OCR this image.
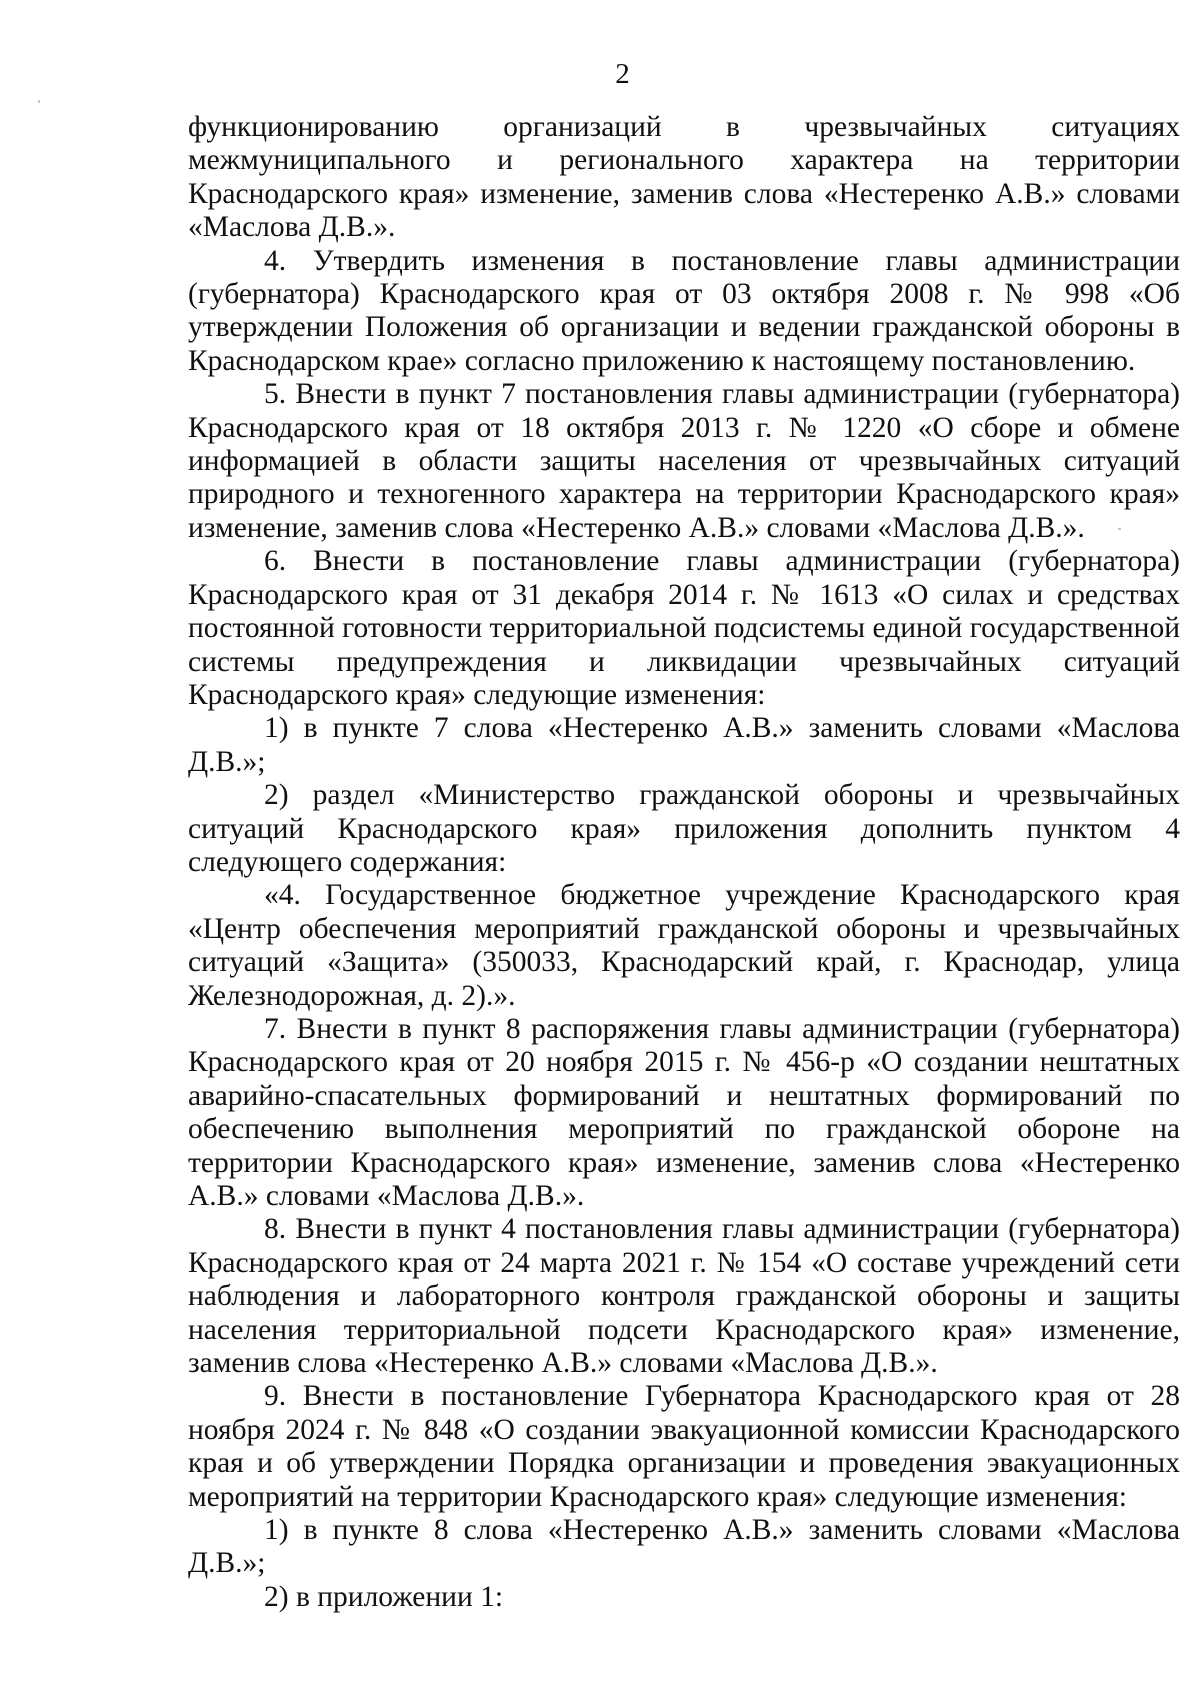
2

функционированию организаций в чрезвычайных ситуациях межмуниципального и регионального характера на территории Краснодарского края» изменение, заменив слова «Нестеренко А.В.» словами «Маслова Д.В.».

4. Утвердить изменения в постановление главы администрации (губернатора) Краснодарского края от 03 октября 2008 г. № 998 «Об утверждении Положения об организации и ведении гражданской обороны в Краснодарском крае» согласно приложению к настоящему постановлению.

5. Внести в пункт 7 постановления главы администрации (губернатора) Краснодарского края от 18 октября 2013 г. № 1220 «О сборе и обмене информацией в области защиты населения от чрезвычайных ситуаций природного и техногенного характера на территории Краснодарского края» изменение, заменив слова «Нестеренко А.В.» словами «Маслова Д.В.».

6. Внести в постановление главы администрации (губернатора) Краснодарского края от 31 декабря 2014 г. № 1613 «О силах и средствах постоянной готовности территориальной подсистемы единой государственной системы предупреждения и ликвидации чрезвычайных ситуаций Краснодарского края» следующие изменения:

1) в пункте 7 слова «Нестеренко А.В.» заменить словами «Маслова Д.В.»;

2) раздел «Министерство гражданской обороны и чрезвычайных ситуаций Краснодарского края» приложения дополнить пунктом 4 следующего содержания:

«4. Государственное бюджетное учреждение Краснодарского края «Центр обеспечения мероприятий гражданской обороны и чрезвычайных ситуаций «Защита» (350033, Краснодарский край, г. Краснодар, улица Железнодорожная, д. 2).».

7. Внести в пункт 8 распоряжения главы администрации (губернатора) Краснодарского края от 20 ноября 2015 г. № 456-р «О создании нештатных аварийно-спасательных формирований и нештатных формирований по обеспечению выполнения мероприятий по гражданской обороне на территории Краснодарского края» изменение, заменив слова «Нестеренко А.В.» словами «Маслова Д.В.».

8. Внести в пункт 4 постановления главы администрации (губернатора) Краснодарского края от 24 марта 2021 г. № 154 «О составе учреждений сети наблюдения и лабораторного контроля гражданской обороны и защиты населения территориальной подсети Краснодарского края» изменение, заменив слова «Нестеренко А.В.» словами «Маслова Д.В.».

9. Внести в постановление Губернатора Краснодарского края от 28 ноября 2024 г. № 848 «О создании эвакуационной комиссии Краснодарского края и об утверждении Порядка организации и проведения эвакуационных мероприятий на территории Краснодарского края» следующие изменения:

1) в пункте 8 слова «Нестеренко А.В.» заменить словами «Маслова Д.В.»;

2) в приложении 1:
